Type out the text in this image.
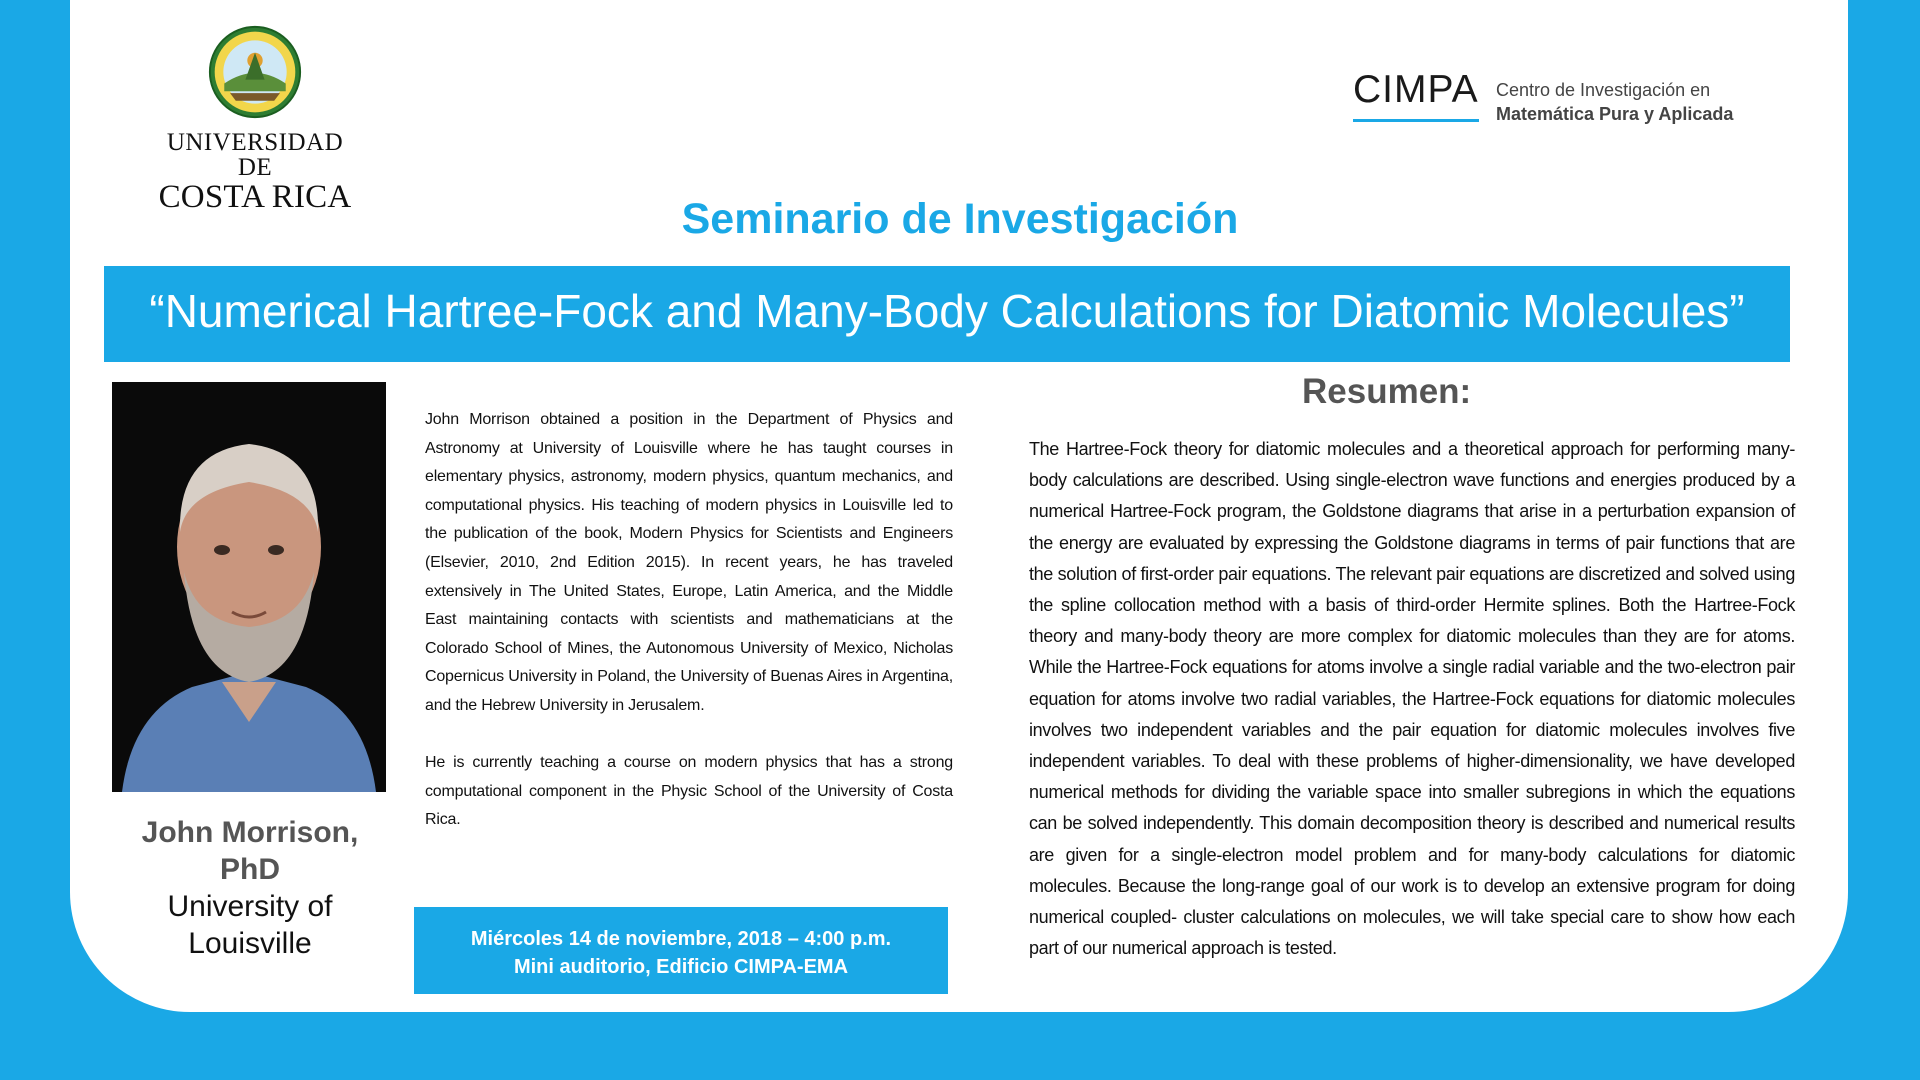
UNIVERSIDAD DE
COSTA RICA
CIMPA Centro de Investigación en
Matemática Pura y Aplicada
Seminario de Investigación
“Numerical Hartree-Fock and Many-Body Calculations for Diatomic Molecules”
John Morrison,
PhD
University of
Louisville

John Morrison obtained a position in the Department of Physics and Astronomy at University of Louisville where he has taught courses in elementary physics, astronomy, modern physics, quantum mechanics, and computational physics. His teaching of modern physics in Louisville led to the publication of the book, Modern Physics for Scientists and Engineers (Elsevier, 2010, 2nd Edition 2015). In recent years, he has traveled extensively in The United States, Europe, Latin America, and the Middle East maintaining contacts with scientists and mathematicians at the Colorado School of Mines, the Autonomous University of Mexico, Nicholas Copernicus University in Poland, the University of Buenas Aires in Argentina, and the Hebrew University in Jerusalem.

He is currently teaching a course on modern physics that has a strong computational component in the Physic School of the University of Costa Rica.

Miércoles 14 de noviembre, 2018 – 4:00 p.m.
Mini auditorio, Edificio CIMPA-EMA
Resumen:
The Hartree-Fock theory for diatomic molecules and a theoretical approach for performing many-body calculations are described. Using single-electron wave functions and energies produced by a numerical Hartree-Fock program, the Goldstone diagrams that arise in a perturbation expansion of the energy are evaluated by expressing the Goldstone diagrams in terms of pair functions that are the solution of first-order pair equations. The relevant pair equations are discretized and solved using the spline collocation method with a basis of third-order Hermite splines. Both the Hartree-Fock theory and many-body theory are more complex for diatomic molecules than they are for atoms. While the Hartree-Fock equations for atoms involve a single radial variable and the two-electron pair equation for atoms involve two radial variables, the Hartree-Fock equations for diatomic molecules involves two independent variables and the pair equation for diatomic molecules involves five independent variables. To deal with these problems of higher-dimensionality, we have developed numerical methods for dividing the variable space into smaller subregions in which the equations can be solved independently. This domain decomposition theory is described and numerical results are given for a single-electron model problem and for many-body calculations for diatomic molecules. Because the long-range goal of our work is to develop an extensive program for doing numerical coupled- cluster calculations on molecules, we will take special care to show how each part of our numerical approach is tested.
